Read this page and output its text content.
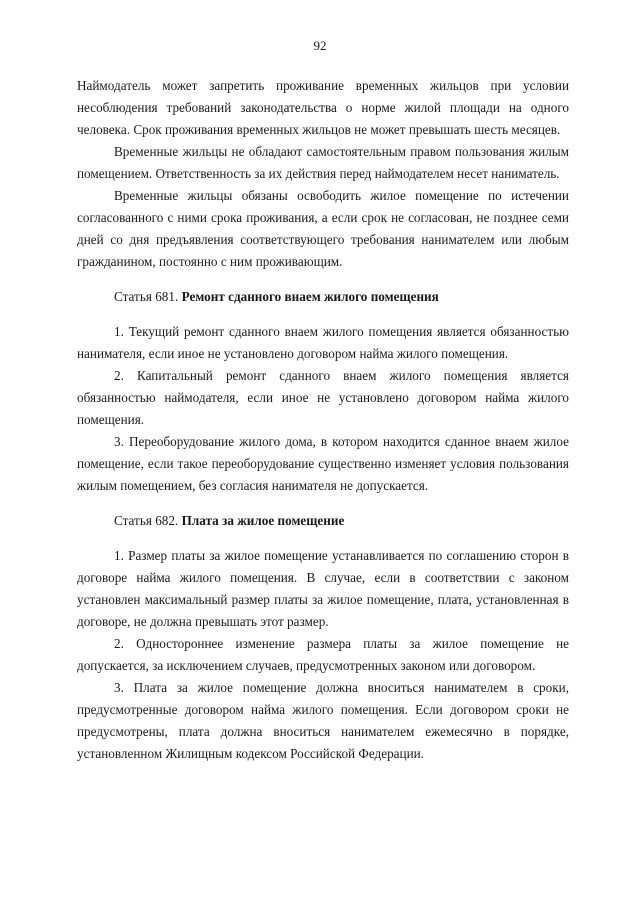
92

Наймодатель может запретить проживание временных жильцов при условии несоблюдения требований законодательства о норме жилой площади на одного человека. Срок проживания временных жильцов не может превышать шесть месяцев.

Временные жильцы не обладают самостоятельным правом пользования жилым помещением. Ответственность за их действия перед наймодателем несет наниматель.

Временные жильцы обязаны освободить жилое помещение по истечении согласованного с ними срока проживания, а если срок не согласован, не позднее семи дней со дня предъявления соответствующего требования нанимателем или любым гражданином, постоянно с ним проживающим.

Статья 681. Ремонт сданного внаем жилого помещения

1. Текущий ремонт сданного внаем жилого помещения является обязанностью нанимателя, если иное не установлено договором найма жилого помещения.

2. Капитальный ремонт сданного внаем жилого помещения является обязанностью наймодателя, если иное не установлено договором найма жилого помещения.

3. Переоборудование жилого дома, в котором находится сданное внаем жилое помещение, если такое переоборудование существенно изменяет условия пользования жилым помещением, без согласия нанимателя не допускается.

Статья 682. Плата за жилое помещение

1. Размер платы за жилое помещение устанавливается по соглашению сторон в договоре найма жилого помещения. В случае, если в соответствии с законом установлен максимальный размер платы за жилое помещение, плата, установленная в договоре, не должна превышать этот размер.

2. Одностороннее изменение размера платы за жилое помещение не допускается, за исключением случаев, предусмотренных законом или договором.

3. Плата за жилое помещение должна вноситься нанимателем в сроки, предусмотренные договором найма жилого помещения. Если договором сроки не предусмотрены, плата должна вноситься нанимателем ежемесячно в порядке, установленном Жилищным кодексом Российской Федерации.
